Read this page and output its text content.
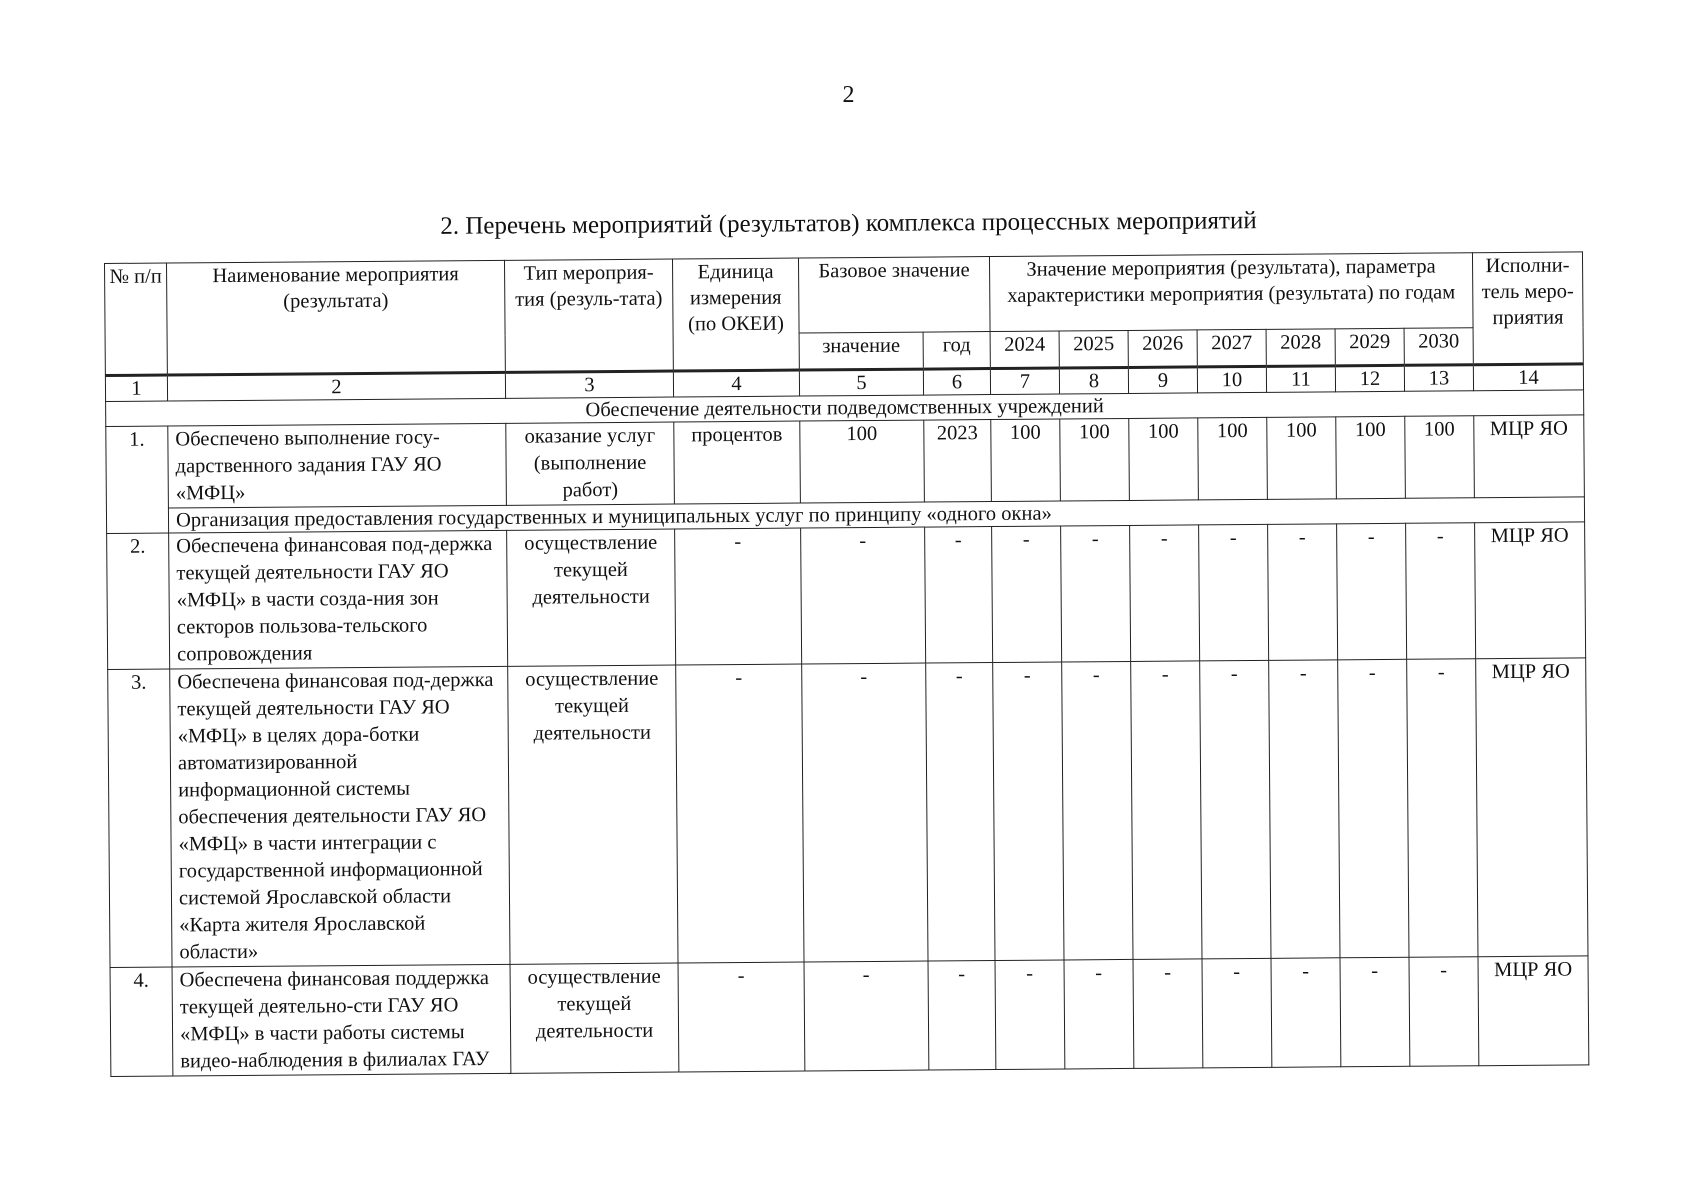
2
2. Перечень мероприятий (результатов) комплекса процессных мероприятий
№ п/п	Наименование мероприятия (результата)	Тип мероприя-тия (резуль-тата)	Единица измерения (по ОКЕИ)	Базовое значение		Значение мероприятия (результата), параметра характеристики мероприятия (результата) по годам							Исполни-тель меро-приятия
				значение	год	2024	2025	2026	2027	2028	2029	2030	
1	2	3	4	5	6	7	8	9	10	11	12	13	14
Обеспечение деятельности подведомственных учреждений													
1.	Обеспечено выполнение госу-дарственного задания ГАУ ЯО «МФЦ»	оказание услуг (выполнение работ)	процентов	100	2023	100	100	100	100	100	100	100	МЦР ЯО
	Организация предоставления государственных и муниципальных услуг по принципу «одного окна»												
2.	Обеспечена финансовая под-держка текущей деятельности ГАУ ЯО «МФЦ» в части созда-ния зон секторов пользова-тельского сопровождения	осуществление текущей деятельности	-	-	-	-	-	-	-	-	-	-	МЦР ЯО
3.	Обеспечена финансовая под-держка текущей деятельности ГАУ ЯО «МФЦ» в целях дора-ботки автоматизированной информационной системы обеспечения деятельности ГАУ ЯО «МФЦ» в части интеграции с государственной информационной системой Ярославской области «Карта жителя Ярославской области»	осуществление текущей деятельности	-	-	-	-	-	-	-	-	-	-	МЦР ЯО
4.	Обеспечена финансовая поддержка текущей деятельно-сти ГАУ ЯО «МФЦ» в части работы системы видео-наблюдения в филиалах ГАУ	осуществление текущей деятельности	-	-	-	-	-	-	-	-	-	-	МЦР ЯО
